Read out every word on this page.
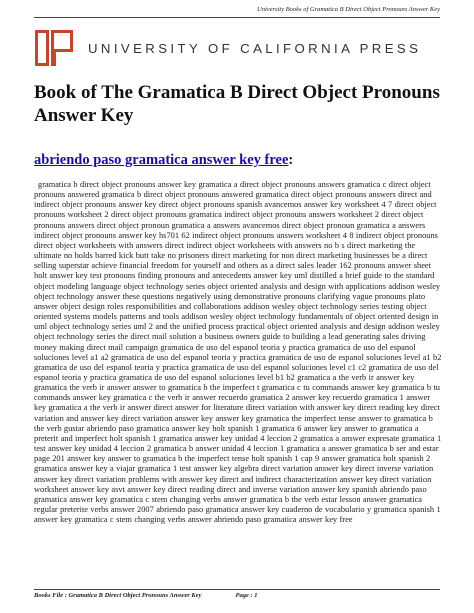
University Books of Gramatica B Direct Object Pronouns Answer Key
UNIVERSITY OF CALIFORNIA PRESS
Book of The Gramatica B Direct Object Pronouns Answer Key
abriendo paso gramatica answer key free:

gramatica b direct object pronouns answer key gramatica a direct object pronouns answers gramatica c direct object pronouns answered gramatica b direct object pronouns answered gramatica direct object pronouns answers direct and indirect object pronouns answer key direct object pronouns spanish avancemos answer key worksheet 4 7 direct object pronouns worksheet 2 direct object pronouns gramatica indirect object pronouns answers worksheet 2 direct object pronouns answers direct object pronoun gramatica a answers avancemos direct object pronoun gramatica a answers indirect object pronouns answer key hs701 62 indirect object pronouns answers worksheet 4 8 indirect object pronouns direct object worksheets with answers direct indirect object worksheets with answers no b s direct marketing the ultimate no holds barred kick butt take no prisoners direct marketing for non direct marketing businesses be a direct selling superstar achieve financial freedom for yourself and others as a direct sales leader 162 pronouns answer sheet holt answer key test pronouns finding pronouns and antecedents answer key uml distilled a brief guide to the standard object modeling language object technology series object oriented analysis and design with applications addison wesley object technology answer these questions negatively using demonstrative pronouns clarifying vague pronouns plato answer object design roles responsibilities and collaborations addison wesley object technology series testing object oriented systems models patterns and tools addison wesley object technology fundamentals of object oriented design in uml object technology series uml 2 and the unified process practical object oriented analysis and design addison wesley object technology series the direct mail solution a business owners guide to building a lead generating sales driving money making direct mail campaign gramatica de uso del espanol teoria y practica gramatica de uso del espanol soluciones level a1 a2 gramatica de uso del espanol teoria y practica gramatica de uso de espanol soluciones level a1 b2 gramatica de uso del espanol teoria y practica gramatica de uso del espanol soluciones level c1 c2 gramatica de uso del espanol teoria y practica gramatica de uso del espanol soluciones level b1 b2 gramatica a the verb ir answer key gramatica the verb ir answer answer to gramatica b the imperfect t gramatica c tu commands answer key gramatica b tu commands answer key gramatica c the verb ir answer recuerdo gramatica 2 answer key recuerdo gramatica 1 answer key gramatica a the verb ir answer direct answer for literature direct variation with answer key direct reading key direct variation and answer key direct variation answer key answer key gramatica the imperfect tense answer to gramatica b the verb gustar abriendo paso gramatica answer key holt spanish 1 gramatica 6 answer key answer to gramatica a preterit and imperfect holt spanish 1 gramatica answer key unidad 4 leccion 2 gramatica a answer expresate gramatica 1 test answer key unidad 4 leccion 2 gramatica b answer unidad 4 leccion 1 gramatica a answer gramatica b ser and estar page 201 answer key answer to gramatica b the imperfect tense holt spanish 1 cap 9 answer gramatica holt spanish 2 gramatica answer key a viajar gramatica 1 test answer key algebra direct variation answer key direct inverse variation answer key direct variation problems with answer key direct and indirect characterization answer key direct variation worksheet answer key asvt answer key direct reading direct and inverse variation answer key spanish abriendo paso gramatica answer key gramatica c stem changing verbs answer gramatica b the verb estar lesson answer gramatica regular preterite verbs answer 2007 abriendo paso gramatica answer key cuaderno de vocabulario y gramatica spanish 1 answer key gramatica c stem changing verbs answer abriendo paso gramatica answer key free

Books File : Gramatica B Direct Object Pronouns Answer Key	Page : 1
